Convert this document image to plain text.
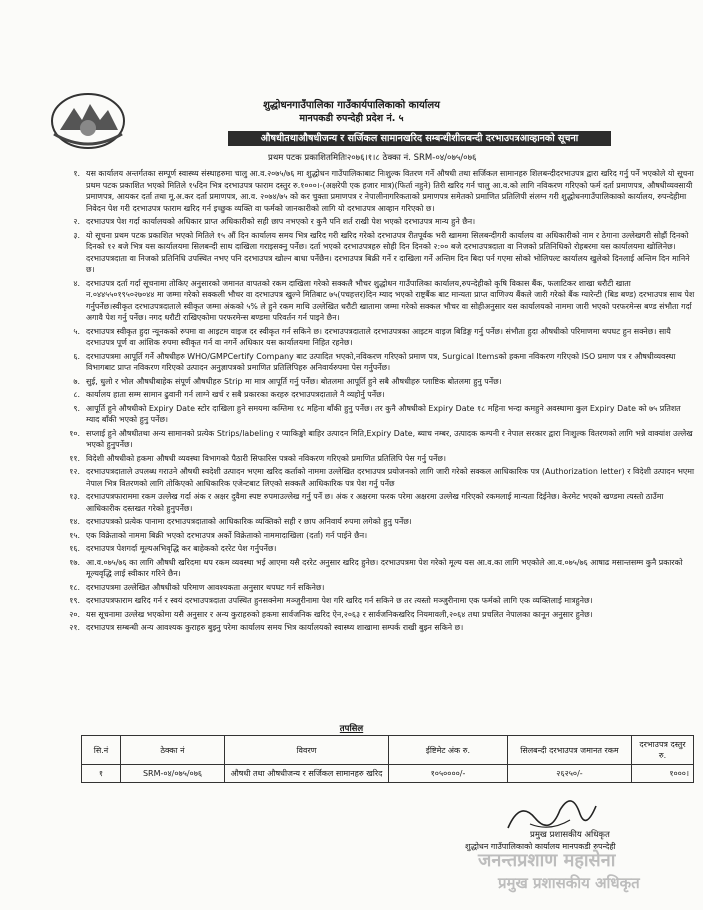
शुद्धोधनगाउँपालिका गाउँकार्यपालिकाको कार्यालय
मानपकडी रुपन्देही प्रदेश नं. ५
औषधीतथाऔषधीजन्य र सर्जिकल सामानखरिद सम्बन्धीशीलबन्दी दरभाउपत्रआव्हानको सूचना
प्रथम पटक प्रकाशितमितिः२०७६।१।८ ठेक्का नं. SRM-०४/०७५/०७६
१. यस कार्यालय अन्तर्गतका सम्पूर्ण स्वास्थ्य संस्थाहरुमा चालु आ.व.२०७५/७६ मा शुद्धोधन गाउँपालिकाबाट निःशुल्क वितरण गर्ने औषधी तथा सर्जिकल सामानहरु शिलबन्दीदरभाउपत्र द्वारा खरिद गर्नु पर्ने भएकोले यो सूचना प्रथम पटक प्रकाशित भएको मितिले १५दिन भित्र दरभाउपत्र फाराम दस्तुर रु.१०००।-(अक्षरेपी एक हजार मात्र)(फिर्ता नहुने) तिरी खरिद गर्न चालु आ.व.को लागि नविकरण गरिएको फर्म दर्ता प्रमाणपत्र, औषधीव्यवसायी प्रमाणपत्र, आयकर दर्ता तथा मू.अ.कर दर्ता प्रमाणपत्र, आ.व. २०७४/७५ को कर चुक्ता प्रमाणपत्र र नेपालीनागरिकताको प्रमाणपत्र समेतको प्रमाणित प्रतिलिपी संलग्न गरी शुद्धोधनगाउँपालिकाको कार्यालय, रुपन्देहीमा निवेदन पेश गरी दरभाउपत्र फाराम खरिद गर्न इच्छुक व्यक्ति वा फर्मको जानकारीको लागि यो दरभाउपत्र आव्हान गरिएको छ।
२. दरभाउपत्र पेश गर्दा कार्यालयको अधिकार प्राप्त अधिकारीको सही छाप नभएको र कुनै पनि शर्त राखी पेश भएको दरभाउपत्र मान्य हुने छैन।
३. यो सूचना प्रथम पटक प्रकाशित भएको मितिले १५ औं दिन कार्यालय समय भित्र खरिद गरी खरिद गरेको दरभाउपत्र रीतपूर्वक भरी खाममा सिलबन्दीगरी कार्यालय वा अधिकारीको नाम र ठेगाना उल्लेखगरी सोह्रौं दिनको दिनको १२ बजे भित्र यस कार्यालयमा सिलबन्दी साथ दाखिला गराइसक्नु पर्नेछ। दर्ता भएको दरभाउपत्रहरु सोही दिन दिनको २:०० बजे दरभाउपत्रदाता वा निजको प्रतिनिधिको रोहबरमा यस कार्यालयमा खोलिनेछ। दरभाउपत्रदाता वा निजको प्रतिनिधि उपस्थित नभए पनि दरभाउपत्र खोल्न बाधा पर्नेछैन। दरभाउपत्र बिक्री गर्ने र दाखिला गर्ने अन्तिम दिन बिदा पर्न गएमा सोको भोलिपल्ट कार्यालय खुलेको दिनलाई अन्तिम दिन मानिने छ।
४. दरभाउपत्र दर्ता गर्दा सूचनामा तोकिए अनुसारको जमानत वापतको रकम दाखिला गरेको सक्कलै भौचर शुद्धोधन गाउँपालिका कार्यालय,रुपन्देहीको कृषि विकास बैंक, फलाटिकर शाखा धरौटी खाता न.०४४५५०१९५०२७०४४ मा जम्मा गरेको सक्कली भौचर वा दरभाउपत्र खुल्ने मितिबाट ७५(पचहत्तर)दिन म्याद भएको राष्ट्रबैंक बाट मान्यता प्राप्त वाणिज्य बैंकले जारी गरेको बैंक ग्यारेन्टी (बिड बण्ड) दरभाउपत्र साथ पेश गर्नुपर्नेछ।स्वीकृत दरभाउपत्रदाताले स्वीकृत जम्मा अंकको ५% ले हुने रकम माथि उल्लेखित धरौटी खातामा जम्मा गरेको सक्कल भौचर वा सोहीअनुसार यस कार्यालयको नाममा जारी भएको परफरमेन्स बण्ड संभौता गर्दा अगावै पेश गर्नु पर्नेछ। नगद धरौटी राखिएकोमा परफरमेन्स बण्डमा परिवर्तन गर्न पाइने छैन।
५. दरभाउपत्र स्वीकृत हुदा न्यूनकको रुपमा वा आइटम वाइज दर स्वीकृत गर्न सकिने छ। दरभाउपत्रदाताले दरभाउपत्रका आइटम वाइज बिडिङ्ग गर्नु पर्नेछ। संभौता हुदा औषधीको परिमाणमा थपघट हुन सक्नेछ। सायै दरभाउपत्र पूर्ण वा आंशिक रुपमा स्वीकृत गर्न वा नगर्ने अधिकार यस कार्यालयमा निहित रहनेछ।
६. दरभाउपत्रमा आपूर्ति गर्ने औषधीहरु WHO/GMPCertify Company बाट उत्पादित भएको,नविकरण गरिएको प्रमाण पत्र, Surgical Itemsको हकमा नविकरण गरिएको ISO प्रमाण पत्र र औषधीव्यवस्था विभागबाट प्राप्त नविकरण गरिएको उत्पादन अनुज्ञापत्रको प्रमाणित प्रतिलिपिहरु अनिवार्यरुपमा पेस गर्नुपर्नेछ।
७. सुई, धुलो र भोल औषधीबाहेक संपूर्ण औषधीहरु Strip मा मात्र आपूर्ति गर्नु पर्नेछ। बोतलमा आपूर्ति हुने सबै औषधीहरु प्लाष्टिक बोतलमा हुनु पर्नेछ।
८. कार्यालय हाता सम्म सामान ढुवानी गर्न लाग्ने खर्च र सबै प्रकारका करहरु दरभाउपत्रदाताले नै व्यहोर्नु पर्नेछ।
९. आपूर्ति हुने औषधीको Expiry Date स्टोर दाखिला हुने समयमा कम्तिमा १८ महिना बाँकी हुनु पर्नेछ। तर कुनै औषधीको Expiry Date १८ महिना भन्दा कमहुने अवस्थामा कुल Expiry Date को ७५ प्रतिशत म्याद बाँकी भएको हुनु पर्नेछ।
१०. सप्लाई हुने औषधीतथा अन्य सामानको प्रत्येक Strips/labeling र प्याकिङ्को बाहिर उत्पादन मिति,Expiry Date, ब्याच नम्बर, उत्पादक कम्पनी र नेपाल सरकार द्वारा निःशुल्क वितरणको लागि भन्ने वाक्यांश उल्लेख भएको हुनुपर्नेछ।
११. विदेशी औषधीको हकमा औषधी व्यवस्था विभागको पैठारी सिफारिस पत्रको नविकरण गरिएको प्रमाणित प्रतिलिपि पेस गर्नु पर्नेछ।
१२. दरभाउपत्रदाताले उपलब्ध गराउने औषधी स्वदेशी उत्पादन भएमा खरिद कर्ताको नाममा उल्लेखित दरभाउपत्र प्रयोजनको लागि जारी गरेको सक्कल आधिकारिक पत्र (Authorization letter) र विदेशी उत्पादन भएमा नेपाल भित्र वितरणको लागि तोकिएको आधिकारिक एजेन्टबाट लिएको सक्कलै आधिकारिक पत्र पेश गर्नु पर्नेछ
१३. दरभाउपत्रफाराममा रकम उल्लेख गर्दा अंक र अक्षर दुवैमा स्पष्ट रुपमाउल्लेख गर्नु पर्ने छ। अंक र अक्षरमा फरक परेमा अक्षरमा उल्लेख गरिएको रकमलाई मान्यता दिईनेछ। केरमेट भएको खण्डमा त्यस्तो ठाउँमा आधिकारीक दस्तखत गरेको हुनुपर्नेछ।
१४. दरभाउपत्रको प्रत्येक पानामा दरभाउपत्रदाताको आधिकारिक व्यक्तिको सही र छाप अनिवार्य रुपमा लगेको हुनु पर्नेछ।
१५. एक विक्रेताको नाममा बिक्री भएको दरभाउपत्र अर्को विक्रेताको नाममादाखिला (दर्ता) गर्न पाईने छैन।
१६. दरभाउपत्र पेशगर्दा मूल्यअभिवृद्धि कर बाहेकको दररेट पेश गर्नुपर्नेछ।
१७. आ.व.०७५/७६ का लागि औषधी खरिदमा थप रकम व्यवस्था भई आएमा यसै दररेट अनुसार खरिद हुनेछ। दरभाउपत्रमा पेश गरेको मूल्य यस आ.व.का लागि भएकोले आ.व.०७५/७६ आषाढ मसान्तसम्म कुनै प्रकारको मूल्यवृद्धि लाई स्वीकार गरिने छैन।
१८. दरभाउपत्रमा उल्लेखित औषधीको परिमाण आवश्यकता अनुसार थपघट गर्न सकिनेछ।
१९. दरभाउपत्रफाराम खरिद गर्न र स्वयं दरभाउपत्रदाता उपस्थित हुनसक्नेमा मञ्जुरीनामा पेश गरि खरिद गर्न सकिने छ तर त्यस्तो मञ्जुरीनामा एक फर्मको लागि एक व्यक्तिलाई मात्रहुनेछ।
२०. यस सूचनामा उल्लेख भएकोमा यसै अनुसार र अन्य कुराहरुको हकमा सार्वजनिक खरिद ऐन,२०६३ र सार्वजनिकखरिद नियमावली,२०६४ तथा प्रचलित नेपालका कानून अनुसार हुनेछ।
२१. दरभाउपत्र सम्बन्धी अन्य आवश्यक कुराहरु बुझ्नु परेमा कार्यालय समय भित्र कार्यालयको स्वास्थ्य शाखामा सम्पर्क राखी बुझ्न सकिने छ।
तपसिल
सि.नं	ठेक्का नं	विवरण	ईष्टिमेट अंक रु.	सिलबन्दी दरभाउपत्र जमानत रकम	दरभाउपत्र दस्तुर रु.
१	SRM-०४/०७५/०७६	औषधी तथा औषधीजन्य र सर्जिकल सामानहरु खरिद	१०५००००/-	२६२५०/-	१०००।
प्रमुख प्रशासकीय अधिकृत
शुद्धोधन गाउँपालिकाको कार्यालय मानपकडी रुपन्देही
जनन्तप्रशाण महासेना
प्रमुख प्रशासकीय अधिकृत
